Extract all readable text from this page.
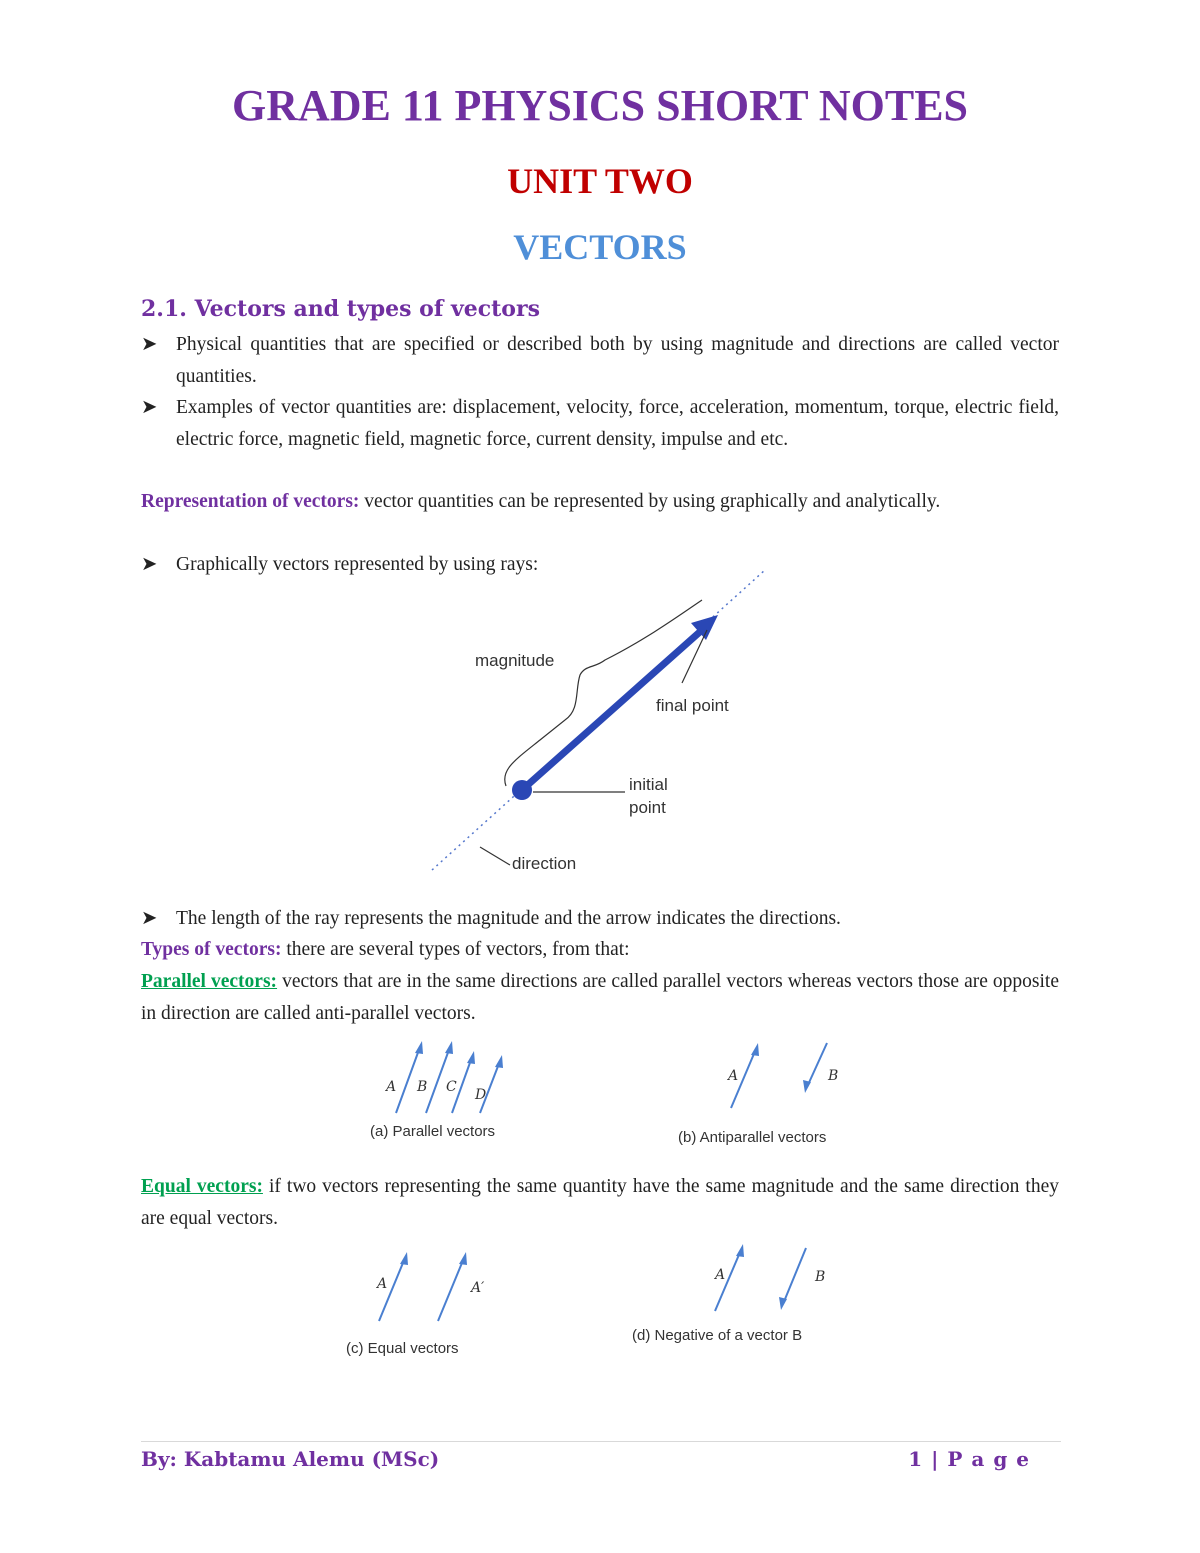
GRADE 11 PHYSICS SHORT NOTES
UNIT TWO
VECTORS
2.1. Vectors and types of vectors
➤ Physical quantities that are specified or described both by using magnitude and directions are called vector quantities.
➤ Examples of vector quantities are: displacement, velocity, force, acceleration, momentum, torque, electric field, electric force, magnetic field, magnetic force, current density, impulse and etc.
Representation of vectors: vector quantities can be represented by using graphically and analytically.
➤ Graphically vectors represented by using rays:
magnitude
final point
initial
point
direction
➤ The length of the ray represents the magnitude and the arrow indicates the directions.
Types of vectors: there are several types of vectors, from that:
Parallel vectors: vectors that are in the same directions are called parallel vectors whereas vectors those are opposite in direction are called anti-parallel vectors.
A B C D
(a) Parallel vectors
A	B
(b) Antiparallel vectors
Equal vectors: if two vectors representing the same quantity have the same magnitude and the same direction they are equal vectors.
A	A′
(c) Equal vectors
A	B
(d) Negative of a vector B
By: Kabtamu Alemu (MSc)	1 | P a g e
